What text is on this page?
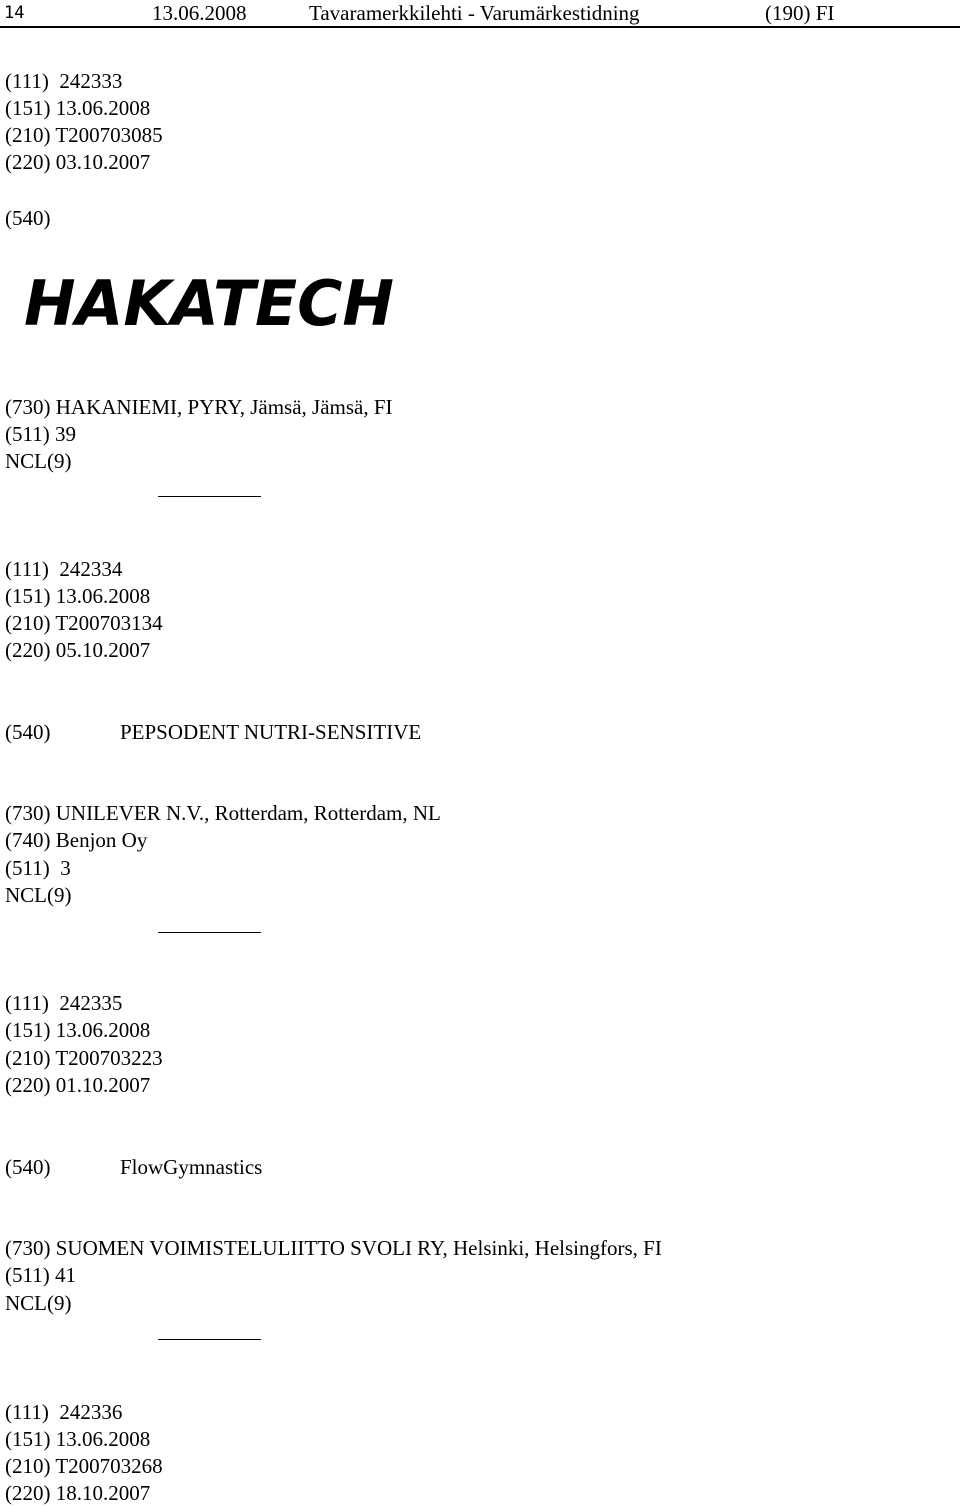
14	13.06.2008	Tavaramerkkilehti - Varumärkestidning	(190) FI
(111)  242333
(151) 13.06.2008
(210) T200703085
(220) 03.10.2007
(540)
HAKATECH
(730) HAKANIEMI, PYRY, Jämsä, Jämsä, FI
(511) 39
NCL(9)
(111)  242334
(151) 13.06.2008
(210) T200703134
(220) 05.10.2007
(540)	PEPSODENT NUTRI-SENSITIVE
(730) UNILEVER N.V., Rotterdam, Rotterdam, NL
(740) Benjon Oy
(511)  3
NCL(9)
(111)  242335
(151) 13.06.2008
(210) T200703223
(220) 01.10.2007
(540)	FlowGymnastics
(730) SUOMEN VOIMISTELULIITTO SVOLI RY, Helsinki, Helsingfors, FI
(511) 41
NCL(9)
(111)  242336
(151) 13.06.2008
(210) T200703268
(220) 18.10.2007
